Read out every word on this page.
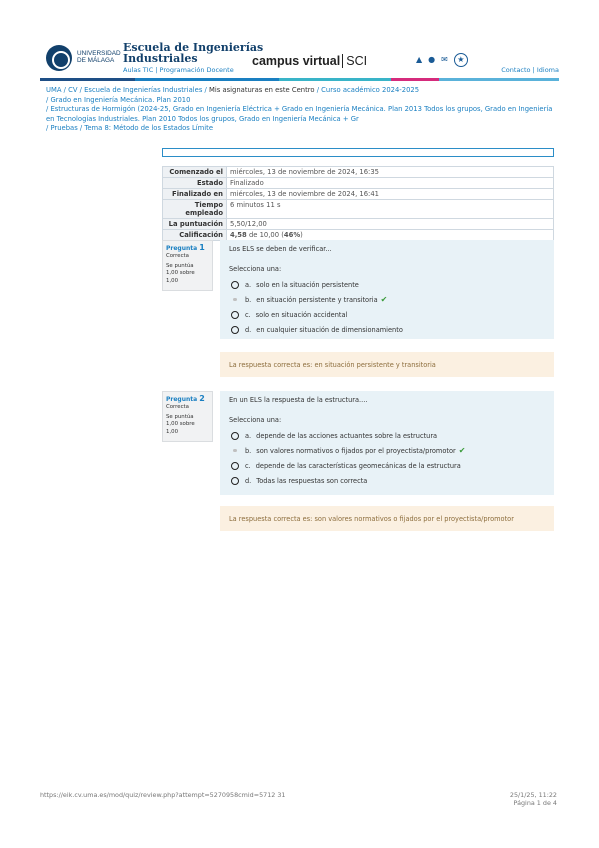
UNIVERSIDAD DE MÁLAGA
Escuela de Ingenierías Industriales
Aulas TIC | Programación Docente
campus virtual SCI	▲ ● ✉	★
Contacto | Idioma
UMA / CV / Escuela de Ingenierías Industriales / Mis asignaturas en este Centro / Curso académico 2024-2025
/ Grado en Ingeniería Mecánica. Plan 2010
/ Estructuras de Hormigón (2024-25, Grado en Ingeniería Eléctrica + Grado en Ingeniería Mecánica. Plan 2013 Todos los grupos, Grado en Ingeniería en Tecnologías Industriales. Plan 2010 Todos los grupos, Grado en Ingeniería Mecánica + Gr
/ Pruebas / Tema 8: Método de los Estados Límite
Comenzado el	miércoles, 13 de noviembre de 2024, 16:35
Estado	Finalizado
Finalizado en	miércoles, 13 de noviembre de 2024, 16:41
Tiempo empleado	6 minutos 11 s
La puntuación	5,50/12,00
Calificación	4,58 de 10,00 (46%)
Pregunta 1
Correcta
Se puntúa
1,00 sobre
1,00
Los ELS se deben de verificar...
Selecciona una:
a. solo en la situación persistente
b. en situación persistente y transitoria ✔
c. solo en situación accidental
d. en cualquier situación de dimensionamiento
La respuesta correcta es: en situación persistente y transitoria
Pregunta 2
Correcta
Se puntúa
1,00 sobre
1,00
En un ELS la respuesta de la estructura....
Selecciona una:
a. depende de las acciones actuantes sobre la estructura
b. son valores normativos o fijados por el proyectista/promotor ✔
c. depende de las características geomecánicas de la estructura
d. Todas las respuestas son correcta
La respuesta correcta es: son valores normativos o fijados por el proyectista/promotor
https://eik.cv.uma.es/mod/quiz/review.php?attempt=5270958cmid=5712 31	25/1/25, 11:22
Página 1 de 4
